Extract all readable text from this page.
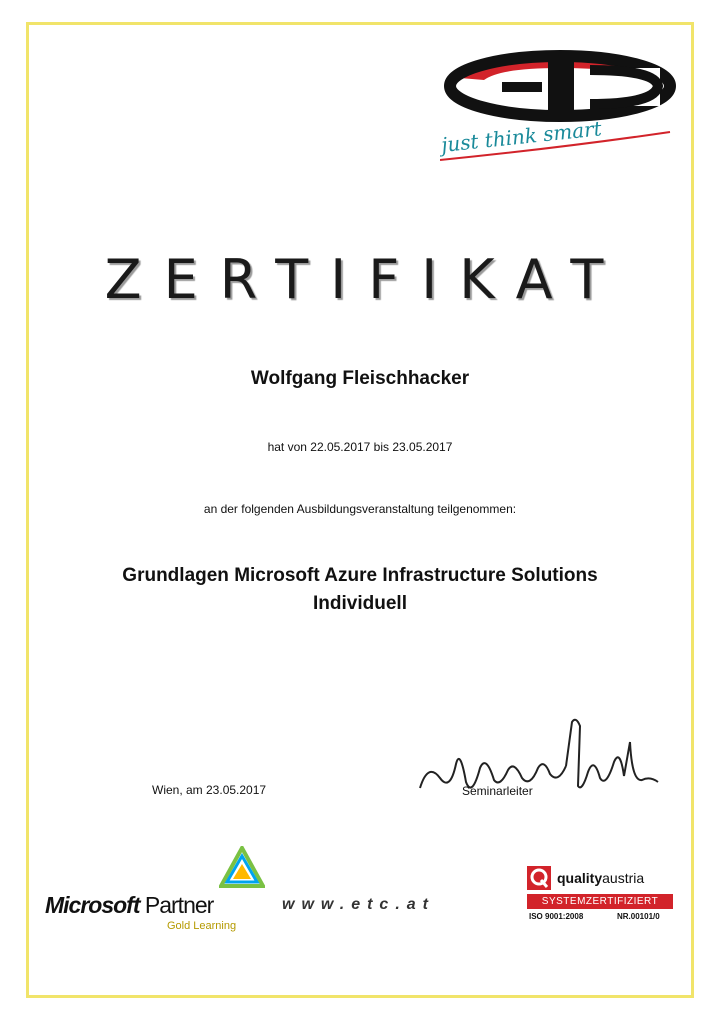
just think smart
ZERTIFIKAT
Wolfgang Fleischhacker
hat von 22.05.2017 bis 23.05.2017
an der folgenden Ausbildungsveranstaltung teilgenommen:
Grundlagen Microsoft Azure Infrastructure Solutions
Individuell
Wien, am 23.05.2017	Seminarleiter
Microsoft Partner
Gold Learning
www.etc.at
qualityaustria
SYSTEMZERTIFIZIERT
ISO 9001:2008	NR.00101/0
